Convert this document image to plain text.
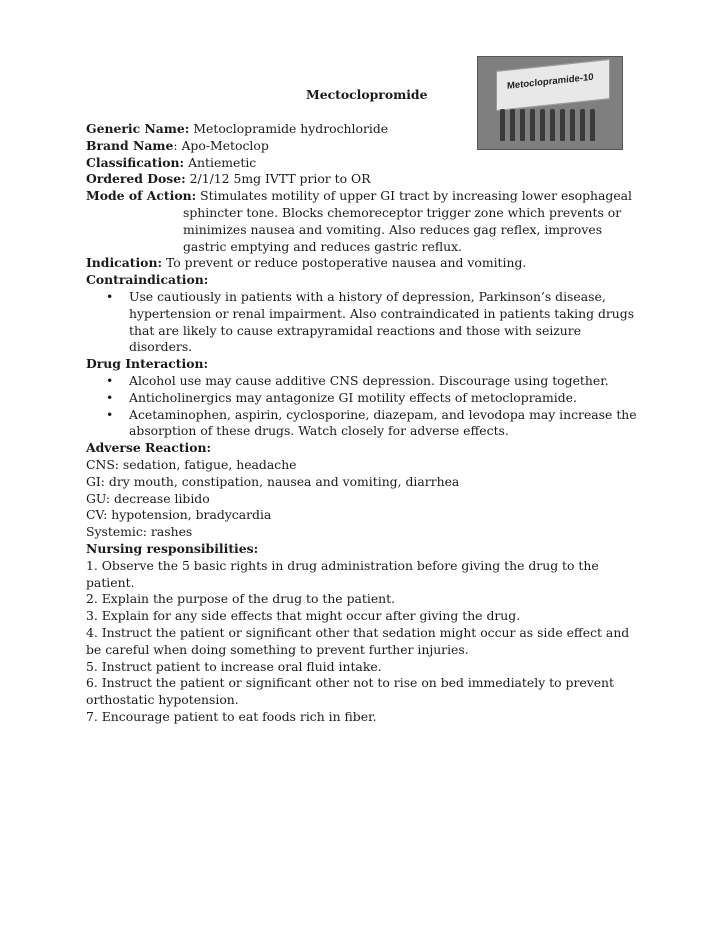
Metoclopramide-10
Mectoclopromide
Generic Name: Metoclopramide hydrochloride
Brand Name: Apo-Metoclop
Classification: Antiemetic
Ordered Dose: 2/1/12 5mg IVTT prior to OR
Mode of Action: Stimulates motility of upper GI tract by increasing lower esophageal sphincter tone. Blocks chemoreceptor trigger zone which prevents or minimizes nausea and vomiting. Also reduces gag reflex, improves gastric emptying and reduces gastric reflux.
Indication: To prevent or reduce postoperative nausea and vomiting.
Contraindication:
• Use cautiously in patients with a history of depression, Parkinson’s disease, hypertension or renal impairment. Also contraindicated in patients taking drugs that are likely to cause extrapyramidal reactions and those with seizure disorders.
Drug Interaction:
• Alcohol use may cause additive CNS depression. Discourage using together.
• Anticholinergics may antagonize GI motility effects of metoclopramide.
• Acetaminophen, aspirin, cyclosporine, diazepam, and levodopa may increase the absorption of these drugs. Watch closely for adverse effects.
Adverse Reaction:
CNS: sedation, fatigue, headache
GI: dry mouth, constipation, nausea and vomiting, diarrhea
GU: decrease libido
CV: hypotension, bradycardia
Systemic: rashes
Nursing responsibilities:
1. Observe the 5 basic rights in drug administration before giving the drug to the patient.
2. Explain the purpose of the drug to the patient.
3. Explain for any side effects that might occur after giving the drug.
4. Instruct the patient or significant other that sedation might occur as side effect and be careful when doing something to prevent further injuries.
5. Instruct patient to increase oral fluid intake.
6. Instruct the patient or significant other not to rise on bed immediately to prevent orthostatic hypotension.
7. Encourage patient to eat foods rich in fiber.
